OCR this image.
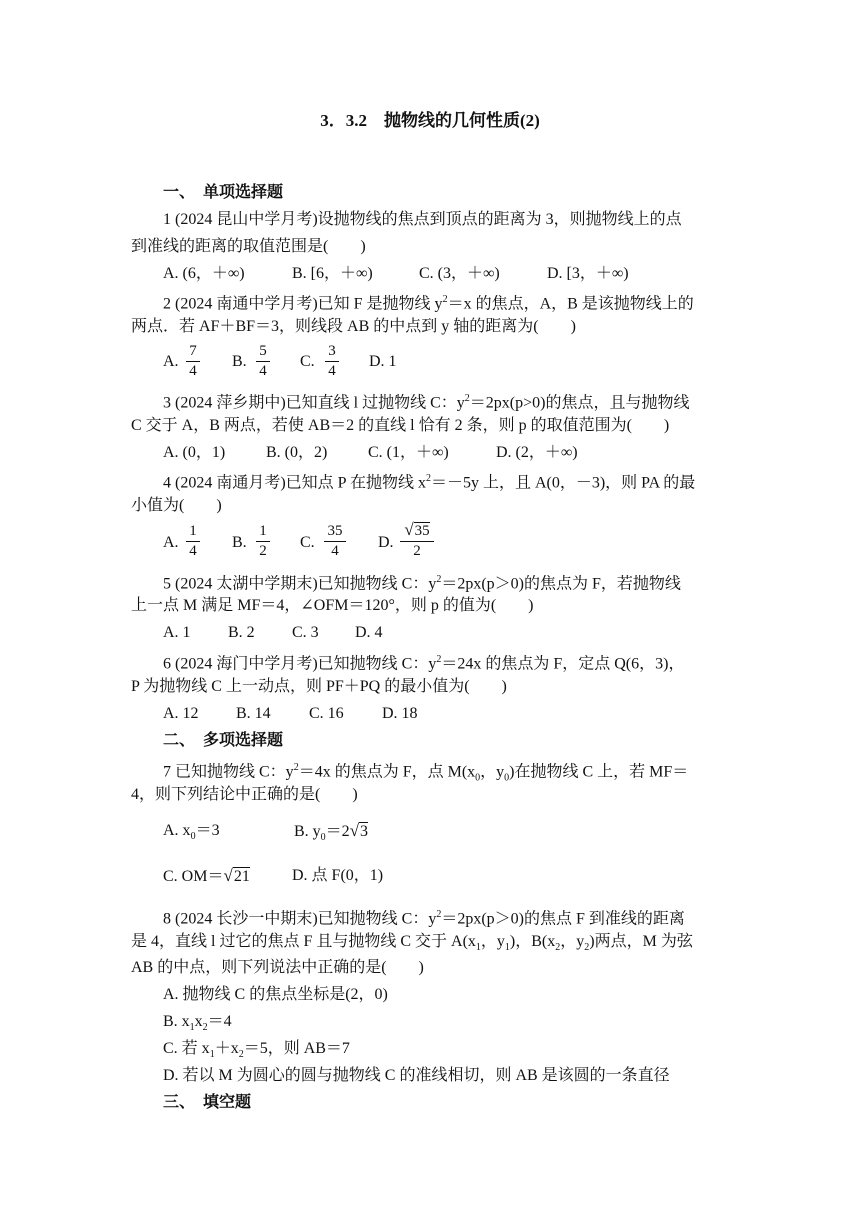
3．3.2　抛物线的几何性质(2)
一、　单项选择题
1 (2024 昆山中学月考)设抛物线的焦点到顶点的距离为 3，则抛物线上的点
到准线的距离的取值范围是(　　)
A. (6，＋∞)	B. [6，＋∞)	C. (3，＋∞)	D. [3，＋∞)
2 (2024 南通中学月考)已知 F 是抛物线 $y^2=x$ 的焦点，A，B 是该抛物线上的
两点．若 AF＋BF＝3，则线段 AB 的中点到 y 轴的距离为(　　)
A.
7
4
B.
5
4
C.
3
4
D. 1
3 (2024 萍乡期中)已知直线 l 过抛物线 C：$y^2=2px(p>0)$的焦点，且与抛物线
C 交于 A，B 两点，若使 AB＝2 的直线 l 恰有 2 条，则 p 的取值范围为(　　)
A. (0，1)	B. (0，2)	C. (1，＋∞)	D. (2，＋∞)
4 (2024 南通月考)已知点 P 在抛物线 $x^2=-5y$ 上，且 A(0，－3)，则 PA 的最
小值为(　　)
A.
1
4 B.
1
2 C.
35
4	D.
√35
2
5 (2024 太湖中学期末)已知抛物线 C：$y^2=2px(p>0)$的焦点为 F，若抛物线
上一点 M 满足 MF＝4，∠OFM＝120°，则 p 的值为(　　)
A. 1 B. 2 C. 3 D. 4
6 (2024 海门中学月考)已知抛物线 C：$y^2=24x$ 的焦点为 F，定点 Q(6，3)，
P 为抛物线 C 上一动点，则 PF＋PQ 的最小值为(　　)
A. 12 B. 14 C. 16 D. 18
二、　多项选择题
7 已知抛物线 C：$y^2=4x$ 的焦点为 F，点 $M(x_0$，$y_0$)在抛物线 C 上，若 MF＝
4，则下列结论中正确的是(　　)
A. $x_0=3$	B. $y_0=2√3$
C. OM＝√21	D. 点 F(0，1)
8 (2024 长沙一中期末)已知抛物线 C：$y^2=2px(p>0)$的焦点 F 到准线的距离
是 4，直线 l 过它的焦点 F 且与抛物线 C 交于 $A(x_1$，$y_1$)，$B(x_2$，$y_2$)两点，M 为弦
AB 的中点，则下列说法中正确的是(　　)
A. 抛物线 C 的焦点坐标是(2，0)
B. $x_1x_2=4$
C. 若 $x_1+x_2=5$，则 AB＝7
D. 若以 M 为圆心的圆与抛物线 C 的准线相切，则 AB 是该圆的一条直径
三、　填空题
